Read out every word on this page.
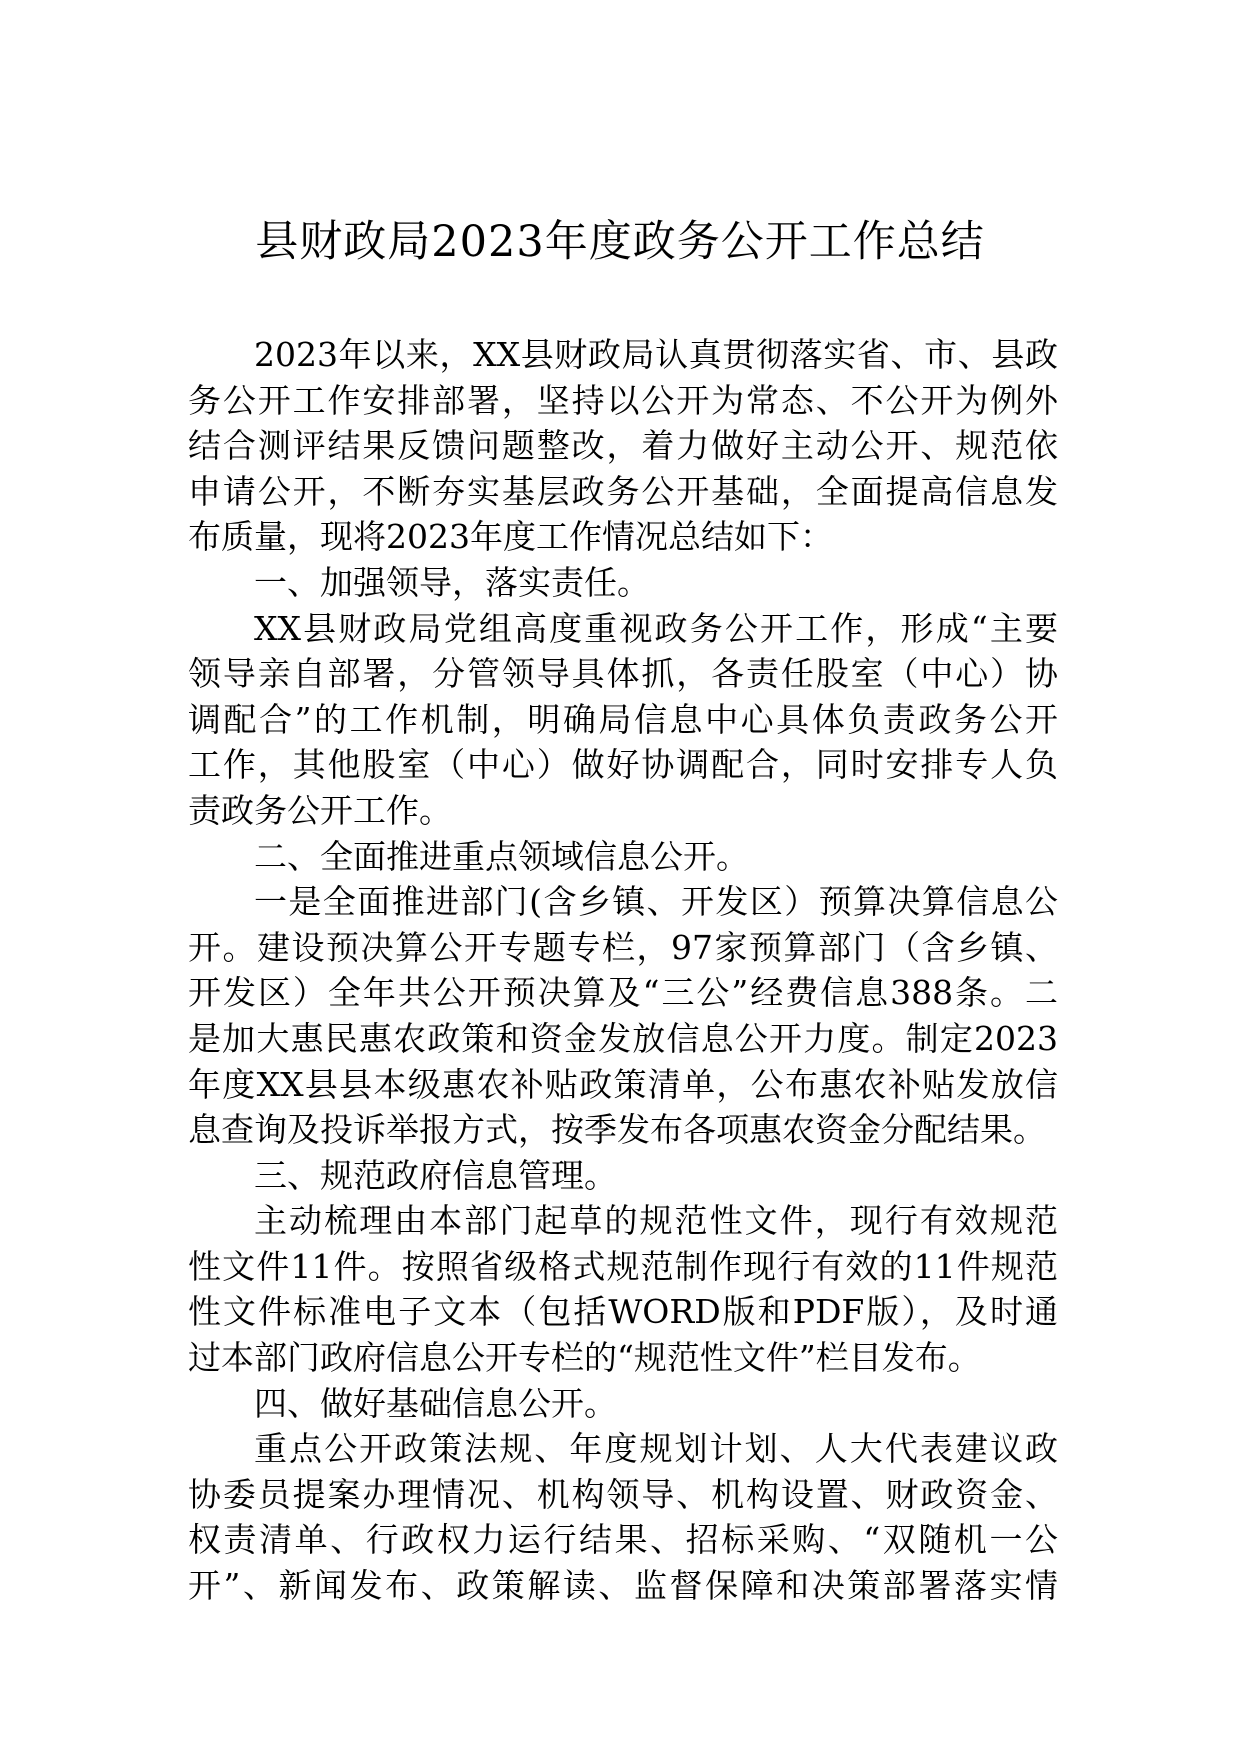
县财政局2023年度政务公开工作总结
2023年以来，XX县财政局认真贯彻落实省、市、县政
务公开工作安排部署，坚持以公开为常态、不公开为例外
结合测评结果反馈问题整改，着力做好主动公开、规范依
申请公开，不断夯实基层政务公开基础，全面提高信息发
布质量，现将2023年度工作情况总结如下：
一、加强领导，落实责任。
XX县财政局党组高度重视政务公开工作，形成“主要
领导亲自部署，分管领导具体抓，各责任股室（中心）协
调配合”的工作机制，明确局信息中心具体负责政务公开
工作，其他股室（中心）做好协调配合，同时安排专人负
责政务公开工作。
二、全面推进重点领域信息公开。
一是全面推进部门(含乡镇、开发区）预算决算信息公
开。建设预决算公开专题专栏，97家预算部门（含乡镇、
开发区）全年共公开预决算及“三公”经费信息388条。二
是加大惠民惠农政策和资金发放信息公开力度。制定2023
年度XX县县本级惠农补贴政策清单，公布惠农补贴发放信
息查询及投诉举报方式，按季发布各项惠农资金分配结果。
三、规范政府信息管理。
主动梳理由本部门起草的规范性文件，现行有效规范
性文件11件。按照省级格式规范制作现行有效的11件规范
性文件标准电子文本（包括WORD版和PDF版），及时通
过本部门政府信息公开专栏的“规范性文件”栏目发布。
四、做好基础信息公开。
重点公开政策法规、年度规划计划、人大代表建议政
协委员提案办理情况、机构领导、机构设置、财政资金、
权责清单、行政权力运行结果、招标采购、“双随机一公
开”、新闻发布、政策解读、监督保障和决策部署落实情
